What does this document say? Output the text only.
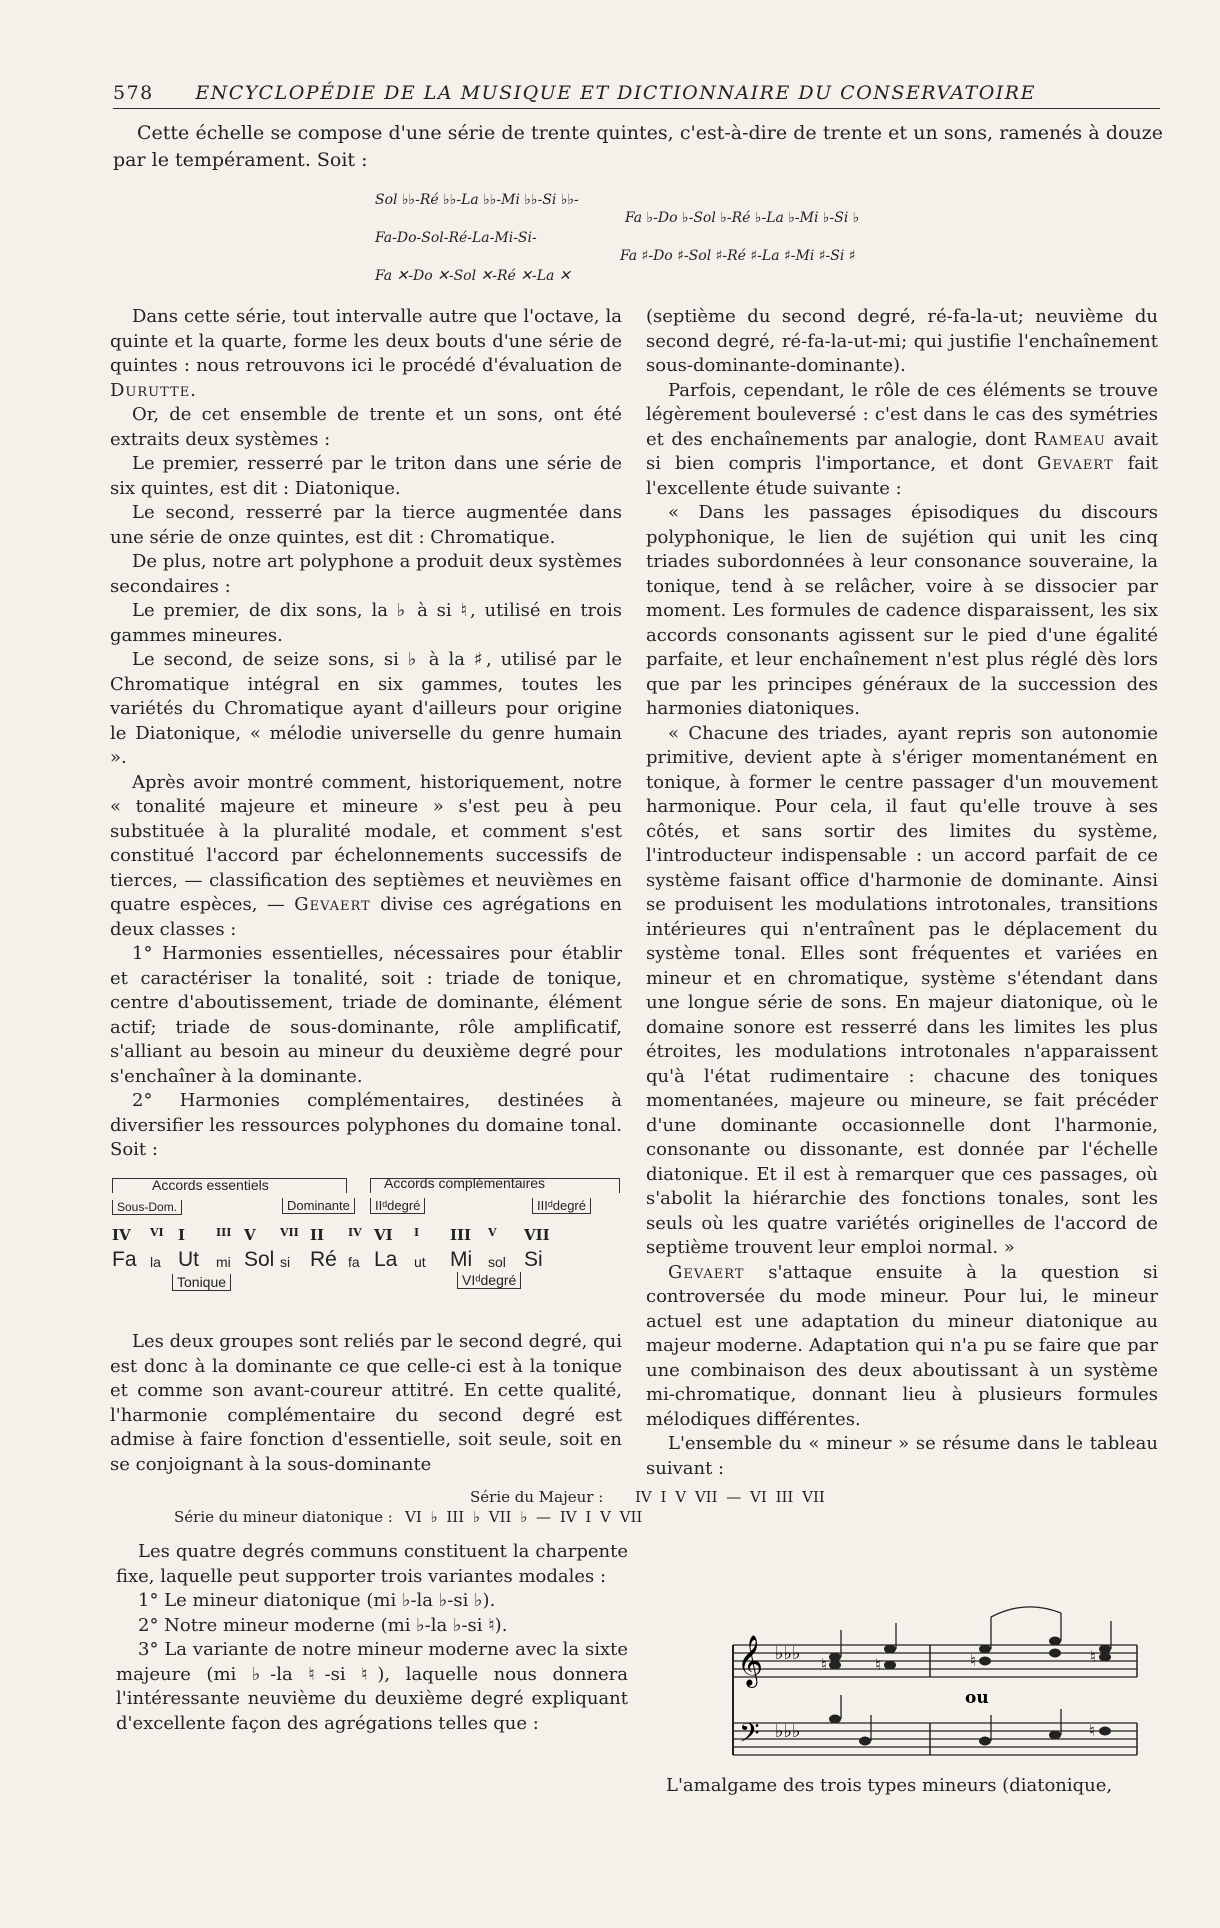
578 ENCYCLOPÉDIE DE LA MUSIQUE ET DICTIONNAIRE DU CONSERVATOIRE
Cette échelle se compose d'une série de trente quintes, c'est-à-dire de trente et un sons, ramenés à douze par le tempérament. Soit :
Sol ♭♭-Ré ♭♭-La ♭♭-Mi ♭♭-Si ♭♭-
Fa ♭-Do ♭-Sol ♭-Ré ♭-La ♭-Mi ♭-Si ♭
Fa-Do-Sol-Ré-La-Mi-Si-
Fa ♯-Do ♯-Sol ♯-Ré ♯-La ♯-Mi ♯-Si ♯
Fa ✕-Do ✕-Sol ✕-Ré ✕-La ✕

Dans cette série, tout intervalle autre que l'octave, la quinte et la quarte, forme les deux bouts d'une série de quintes : nous retrouvons ici le procédé d'évaluation de Durutte.

Or, de cet ensemble de trente et un sons, ont été extraits deux systèmes :

Le premier, resserré par le triton dans une série de six quintes, est dit : Diatonique.

Le second, resserré par la tierce augmentée dans une série de onze quintes, est dit : Chromatique.

De plus, notre art polyphone a produit deux systèmes secondaires :

Le premier, de dix sons, la ♭ à si ♮, utilisé en trois gammes mineures.

Le second, de seize sons, si ♭ à la ♯, utilisé par le Chromatique intégral en six gammes, toutes les variétés du Chromatique ayant d'ailleurs pour origine le Diatonique, « mélodie universelle du genre humain ».

Après avoir montré comment, historiquement, notre « tonalité majeure et mineure » s'est peu à peu substituée à la pluralité modale, et comment s'est constitué l'accord par échelonnements successifs de tierces, — classification des septièmes et neuvièmes en quatre espèces, — Gevaert divise ces agrégations en deux classes :

1° Harmonies essentielles, nécessaires pour établir et caractériser la tonalité, soit : triade de tonique, centre d'aboutissement, triade de dominante, élément actif; triade de sous-dominante, rôle amplificatif, s'alliant au besoin au mineur du deuxième degré pour s'enchaîner à la dominante.

2° Harmonies complémentaires, destinées à diversifier les ressources polyphones du domaine tonal. Soit :

Accords essentiels	Accords complémentaires
Sous-Dom.	Dominante	IIᵈdegré	IIIᵈdegré
IV VI I	III V VII II IV VI I III V VII
Fa la Ut mi Sol si Ré fa La ut Mi sol Si
Tonique	VIᵈdegré

Les deux groupes sont reliés par le second degré, qui est donc à la dominante ce que celle-ci est à la tonique et comme son avant-coureur attitré. En cette qualité, l'harmonie complémentaire du second degré est admise à faire fonction d'essentielle, soit seule, soit en se conjoignant à la sous-dominante

(septième du second degré, ré-fa-la-ut; neuvième du second degré, ré-fa-la-ut-mi; qui justifie l'enchaînement sous-dominante-dominante).

Parfois, cependant, le rôle de ces éléments se trouve légèrement bouleversé : c'est dans le cas des symétries et des enchaînements par analogie, dont Rameau avait si bien compris l'importance, et dont Gevaert fait l'excellente étude suivante :

« Dans les passages épisodiques du discours polyphonique, le lien de sujétion qui unit les cinq triades subordonnées à leur consonance souveraine, la tonique, tend à se relâcher, voire à se dissocier par moment. Les formules de cadence disparaissent, les six accords consonants agissent sur le pied d'une égalité parfaite, et leur enchaînement n'est plus réglé dès lors que par les principes généraux de la succession des harmonies diatoniques.

« Chacune des triades, ayant repris son autonomie primitive, devient apte à s'ériger momentanément en tonique, à former le centre passager d'un mouvement harmonique. Pour cela, il faut qu'elle trouve à ses côtés, et sans sortir des limites du système, l'introducteur indispensable : un accord parfait de ce système faisant office d'harmonie de dominante. Ainsi se produisent les modulations introtonales, transitions intérieures qui n'entraînent pas le déplacement du système tonal. Elles sont fréquentes et variées en mineur et en chromatique, système s'étendant dans une longue série de sons. En majeur diatonique, où le domaine sonore est resserré dans les limites les plus étroites, les modulations introtonales n'apparaissent qu'à l'état rudimentaire : chacune des toniques momentanées, majeure ou mineure, se fait précéder d'une dominante occasionnelle dont l'harmonie, consonante ou dissonante, est donnée par l'échelle diatonique. Et il est à remarquer que ces passages, où s'abolit la hiérarchie des fonctions tonales, sont les seuls où les quatre variétés originelles de l'accord de septième trouvent leur emploi normal. »

Gevaert s'attaque ensuite à la question si controversée du mode mineur. Pour lui, le mineur actuel est une adaptation du mineur diatonique au majeur moderne. Adaptation qui n'a pu se faire que par une combinaison des deux aboutissant à un système mi-chromatique, donnant lieu à plusieurs formules mélodiques différentes.

L'ensemble du « mineur » se résume dans le tableau suivant :

Série du Majeur : IV I V VII — VI III VII
Série du mineur diatonique : VI ♭ III ♭ VII ♭ — IV I V VII

Les quatre degrés communs constituent la charpente fixe, laquelle peut supporter trois variantes modales :

1° Le mineur diatonique (mi ♭-la ♭-si ♭).

2° Notre mineur moderne (mi ♭-la ♭-si ♮).

3° La variante de notre mineur moderne avec la sixte majeure (mi ♭-la ♮-si ♮), laquelle nous donnera l'intéressante neuvième du deuxième degré expliquant d'excellente façon des agrégations telles que :

𝄞
𝄢
♭♭♭
♭♭♭
♮	♮	♮	♮
ou
♮
L'amalgame des trois types mineurs (diatonique,
